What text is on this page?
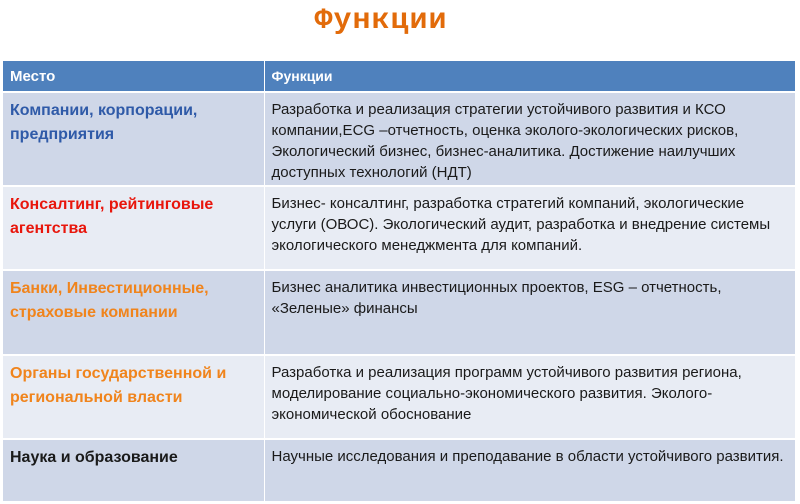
Функции
Место	Функции
Компании, корпорации, предприятия	Разработка и реализация стратегии устойчивого развития и КСО компании,ECG –отчетность, оценка эколого-экологических рисков, Экологический бизнес, бизнес-аналитика. Достижение наилучших доступных технологий (НДТ)
Консалтинг, рейтинговые агентства	Бизнес- консалтинг, разработка стратегий компаний, экологические услуги (ОВОС). Экологический аудит, разработка и внедрение системы экологического менеджмента для компаний.
Банки, Инвестиционные, страховые компании	Бизнес аналитика инвестиционных проектов, ESG – отчетность, «Зеленые» финансы
Органы государственной и региональной власти	Разработка и реализация программ устойчивого развития региона, моделирование социально-экономического развития. Эколого-экономической обоснование
Наука и образование	Научные исследования и преподавание в области устойчивого развития.
